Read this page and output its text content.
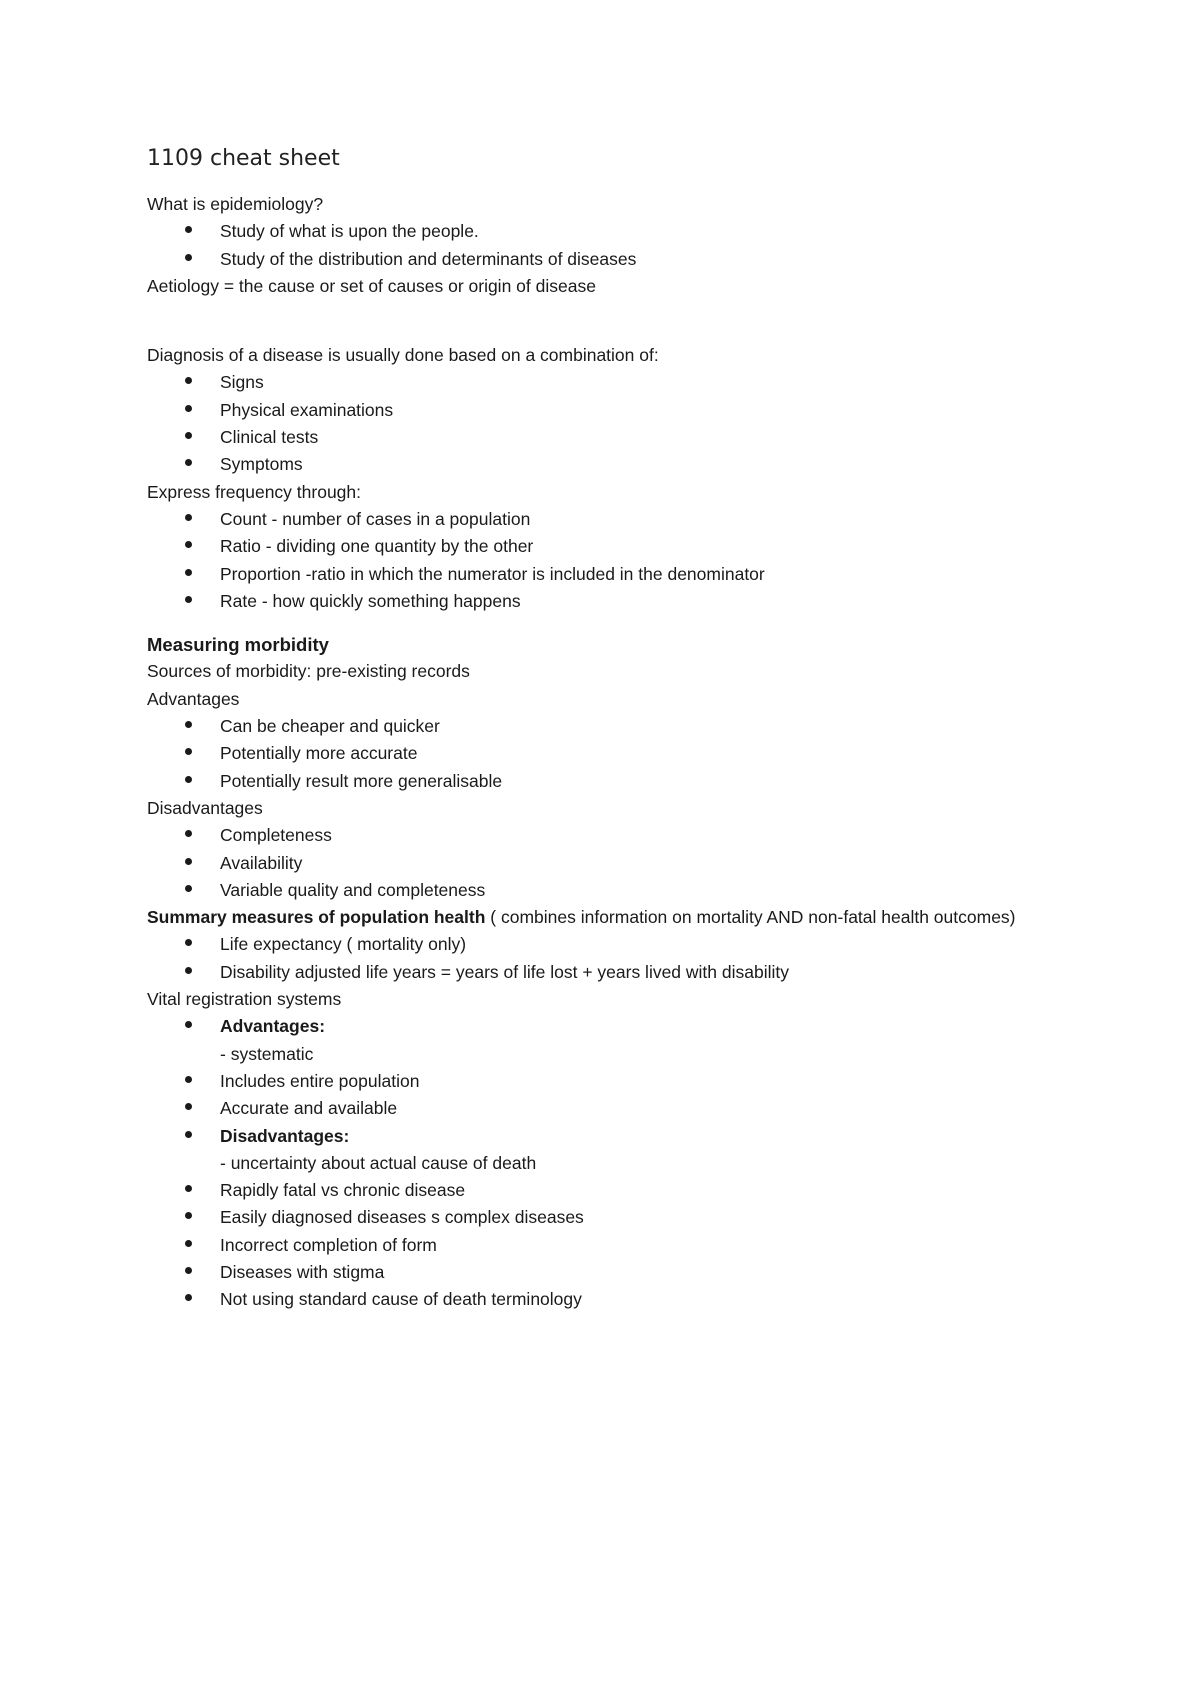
1109 cheat sheet

What is epidemiology?

Study of what is upon the people.

Study of the distribution and determinants of diseases

Aetiology = the cause or set of causes or origin of disease

Diagnosis of a disease is usually done based on a combination of:

Signs

Physical examinations

Clinical tests

Symptoms

Express frequency through:

Count - number of cases in a population

Ratio - dividing one quantity by the other

Proportion -ratio in which the numerator is included in the denominator

Rate - how quickly something happens

Measuring morbidity

Sources of morbidity: pre-existing records

Advantages

Can be cheaper and quicker

Potentially more accurate

Potentially result more generalisable

Disadvantages

Completeness

Availability

Variable quality and completeness

Summary measures of population health ( combines information on mortality AND non-fatal health outcomes)

Life expectancy ( mortality only)

Disability adjusted life years = years of life lost + years lived with disability

Vital registration systems

Advantages:

- systematic

Includes entire population

Accurate and available

Disadvantages:

- uncertainty about actual cause of death

Rapidly fatal vs chronic disease

Easily diagnosed diseases s complex diseases

Incorrect completion of form

Diseases with stigma

Not using standard cause of death terminology
